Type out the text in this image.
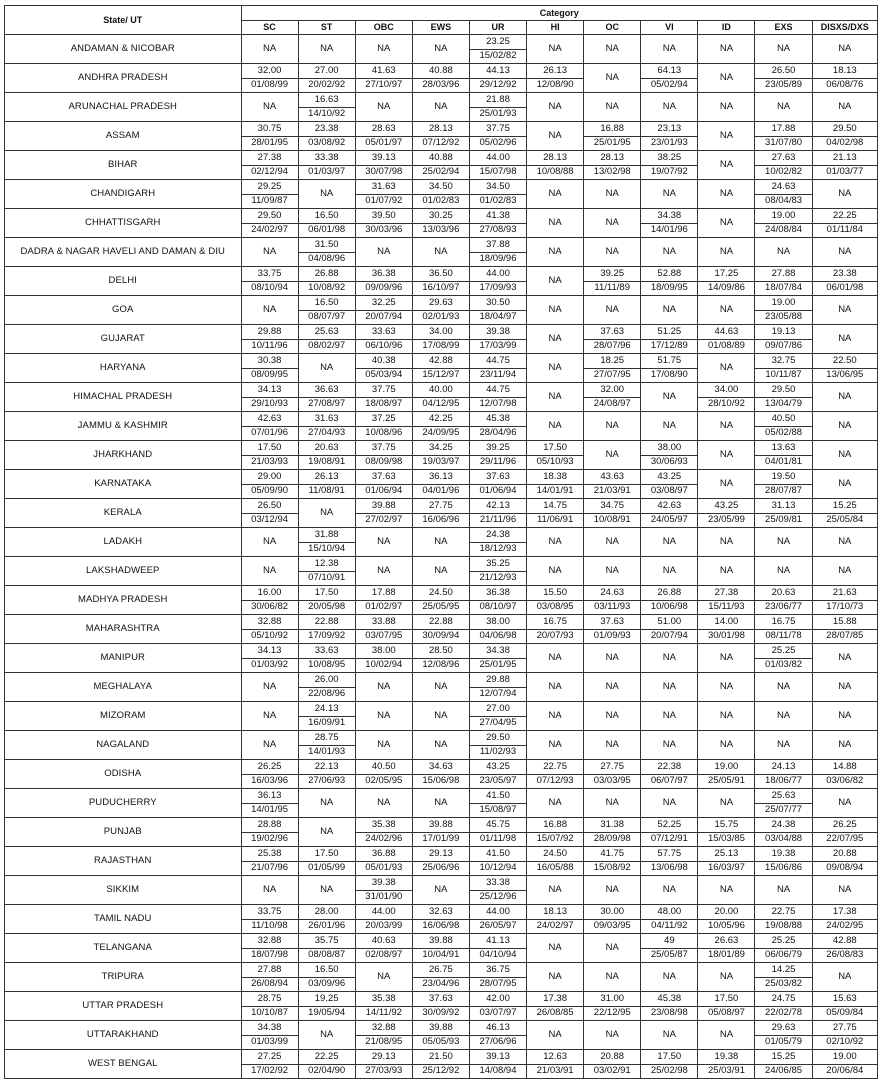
State/ UT	Category										
	SC	ST	OBC	EWS	UR	HI	OC	VI	ID	EXS	DISXS/DXS
ANDAMAN & NICOBAR	NA	NA	NA	NA	23.25	NA	NA	NA	NA	NA	NA
					15/02/82						
ANDHRA PRADESH	32.00	27.00	41.63	40.88	44.13	26.13	NA	64.13	NA	26.50	18.13
	01/08/99	20/02/92	27/10/97	28/03/96	29/12/92	12/08/90		05/02/94		23/05/89	06/08/76
ARUNACHAL PRADESH	NA	16.63	NA	NA	21.88	NA	NA	NA	NA	NA	NA
		14/10/92			25/01/93						
ASSAM	30.75	23.38	28.63	28.13	37.75	NA	16.88	23.13	NA	17.88	29.50
	28/01/95	03/08/92	05/01/97	07/12/92	05/02/96		25/01/95	23/01/93		31/07/80	04/02/98
BIHAR	27.38	33.38	39.13	40.88	44.00	28.13	28.13	38.25	NA	27.63	21.13
	02/12/94	01/03/97	30/07/98	25/02/94	15/07/98	10/08/88	13/02/98	19/07/92		10/02/82	01/03/77
CHANDIGARH	29.25	NA	31.63	34.50	34.50	NA	NA	NA	NA	24.63	NA
	11/09/87		01/07/92	01/02/83	01/02/83					08/04/83	
CHHATTISGARH	29.50	16.50	39.50	30.25	41.38	NA	NA	34.38	NA	19.00	22.25
	24/02/97	06/01/98	30/03/96	13/03/96	27/08/93			14/01/96		24/08/84	01/11/84
DADRA & NAGAR HAVELI AND DAMAN & DIU	NA	31.50	NA	NA	37.88	NA	NA	NA	NA	NA	NA
		04/08/96			18/09/96						
DELHI	33.75	26.88	36.38	36.50	44.00	NA	39.25	52.88	17.25	27.88	23.38
	08/10/94	10/08/92	09/09/96	16/10/97	17/09/93		11/11/89	18/09/95	14/09/86	18/07/84	06/01/98
GOA	NA	16.50	32.25	29.63	30.50	NA	NA	NA	NA	19.00	NA
		08/07/97	20/07/94	02/01/93	18/04/97					23/05/88	
GUJARAT	29.88	25.63	33.63	34.00	39.38	NA	37.63	51.25	44.63	19.13	NA
	10/11/96	08/02/97	06/10/96	17/08/99	17/03/99		28/07/96	17/12/89	01/08/89	09/07/86	
HARYANA	30.38	NA	40.38	42.88	44.75	NA	18.25	51.75	NA	32.75	22.50
	08/09/95		05/03/94	15/12/97	23/11/94		27/07/95	17/08/90		10/11/87	13/06/95
HIMACHAL PRADESH	34.13	36.63	37.75	40.00	44.75	NA	32.00	NA	34.00	29.50	NA
	29/10/93	27/08/97	18/08/97	04/12/95	12/07/98		24/08/97		28/10/92	13/04/79	
JAMMU & KASHMIR	42.63	31.63	37.25	42.25	45.38	NA	NA	NA	NA	40.50	NA
	07/01/96	27/04/93	10/08/96	24/09/95	28/04/96					05/02/88	
JHARKHAND	17.50	20.63	37.75	34.25	39.25	17.50	NA	38.00	NA	13.63	NA
	21/03/93	19/08/91	08/09/98	19/03/97	29/11/96	05/10/93		30/06/93		04/01/81	
KARNATAKA	29.00	26.13	37.63	36.13	37.63	18.38	43.63	43.25	NA	19.50	NA
	05/09/90	11/08/91	01/06/94	04/01/96	01/06/94	14/01/91	21/03/91	03/08/97		28/07/87	
KERALA	26.50	NA	39.88	27.75	42.13	14.75	34.75	42.63	43.25	31.13	15.25
	03/12/94		27/02/97	16/06/96	21/11/96	11/06/91	10/08/91	24/05/97	23/05/99	25/09/81	25/05/84
LADAKH	NA	31.88	NA	NA	24.38	NA	NA	NA	NA	NA	NA
		15/10/94			18/12/93						
LAKSHADWEEP	NA	12.38	NA	NA	35.25	NA	NA	NA	NA	NA	NA
		07/10/91			21/12/93						
MADHYA PRADESH	16.00	17.50	17.88	24.50	36.38	15.50	24.63	26.88	27.38	20.63	21.63
	30/06/82	20/05/98	01/02/97	25/05/95	08/10/97	03/08/95	03/11/93	10/06/98	15/11/93	23/06/77	17/10/73
MAHARASHTRA	32.88	22.88	33.88	22.88	38.00	16.75	37.63	51.00	14.00	16.75	15.88
	05/10/92	17/09/92	03/07/95	30/09/94	04/06/98	20/07/93	01/09/93	20/07/94	30/01/98	08/11/78	28/07/85
MANIPUR	34.13	33.63	38.00	28.50	34.38	NA	NA	NA	NA	25.25	NA
	01/03/92	10/08/95	10/02/94	12/08/96	25/01/95					01/03/82	
MEGHALAYA	NA	26.00	NA	NA	29.88	NA	NA	NA	NA	NA	NA
		22/08/96			12/07/94						
MIZORAM	NA	24.13	NA	NA	27.00	NA	NA	NA	NA	NA	NA
		16/09/91			27/04/95						
NAGALAND	NA	28.75	NA	NA	29.50	NA	NA	NA	NA	NA	NA
		14/01/93			11/02/93						
ODISHA	26.25	22.13	40.50	34.63	43.25	22.75	27.75	22.38	19.00	24.13	14.88
	16/03/96	27/06/93	02/05/95	15/06/98	23/05/97	07/12/93	03/03/95	06/07/97	25/05/91	18/06/77	03/06/82
PUDUCHERRY	36.13	NA	NA	NA	41.50	NA	NA	NA	NA	25.63	NA
	14/01/95				15/08/97					25/07/77	
PUNJAB	28.88	NA	35.38	39.88	45.75	16.88	31.38	52.25	15.75	24.38	26.25
	19/02/96		24/02/96	17/01/99	01/11/98	15/07/92	28/09/98	07/12/91	15/03/85	03/04/88	22/07/95
RAJASTHAN	25.38	17.50	36.88	29.13	41.50	24.50	41.75	57.75	25.13	19.38	20.88
	21/07/96	01/05/99	05/01/93	25/06/96	10/12/94	16/05/88	15/08/92	13/06/98	16/03/97	15/06/86	09/08/94
SIKKIM	NA	NA	39.38	NA	33.38	NA	NA	NA	NA	NA	NA
			31/01/90		25/12/96						
TAMIL NADU	33.75	28.00	44.00	32.63	44.00	18.13	30.00	48.00	20.00	22.75	17.38
	11/10/98	26/01/96	20/03/99	16/06/98	26/05/97	24/02/97	09/03/95	04/11/92	10/05/96	19/08/88	24/02/95
TELANGANA	32.88	35.75	40.63	39.88	41.13	NA	NA	49	26.63	25.25	42.88
	18/07/98	08/08/87	02/08/97	10/04/91	04/10/94			25/05/87	18/01/89	06/06/79	26/08/83
TRIPURA	27.88	16.50	NA	26.75	36.75	NA	NA	NA	NA	14.25	NA
	26/08/94	03/09/96		23/04/96	28/07/95					25/03/82	
UTTAR PRADESH	28.75	19.25	35.38	37.63	42.00	17.38	31.00	45.38	17.50	24.75	15.63
	10/10/87	19/05/94	14/11/92	30/09/92	03/07/97	26/08/85	22/12/95	23/08/98	05/08/97	22/02/78	05/09/84
UTTARAKHAND	34.38	NA	32.88	39.88	46.13	NA	NA	NA	NA	29.63	27.75
	01/03/99		21/08/95	05/05/93	27/06/96					01/05/79	02/10/92
WEST BENGAL	27.25	22.25	29.13	21.50	39.13	12.63	20.88	17.50	19.38	15.25	19.00
	17/02/92	02/04/90	27/03/93	25/12/92	14/08/94	21/03/91	03/02/91	25/02/98	25/03/91	24/06/85	20/06/84
